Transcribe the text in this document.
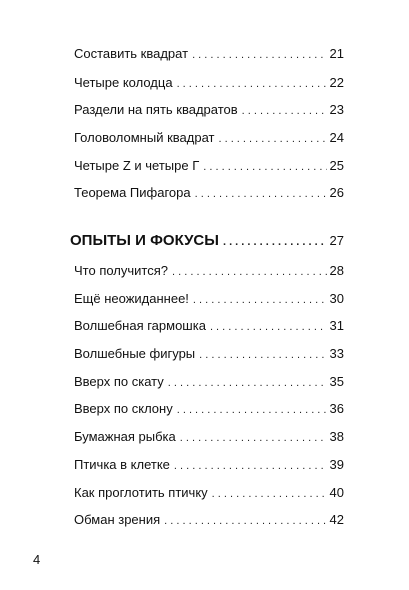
Составить квадрат . . .	21
Четыре колодца . . .	22
Раздели на пять квадратов . . .	23
Головоломный квадрат . . .	24
Четыре Z и четыре Г . . .	25
Теорема Пифагора . . .	26
ОПЫТЫ И ФОКУСЫ . . .	27
Что получится? . . .	28
Ещё неожиданнее! . . .	30
Волшебная гармошка . . .	31
Волшебные фигуры . . .	33
Вверх по скату . . .	35
Вверх по склону . . .	36
Бумажная рыбка . . .	38
Птичка в клетке . . .	39
Как проглотить птичку . . .	40
Обман зрения . . .	42
4
